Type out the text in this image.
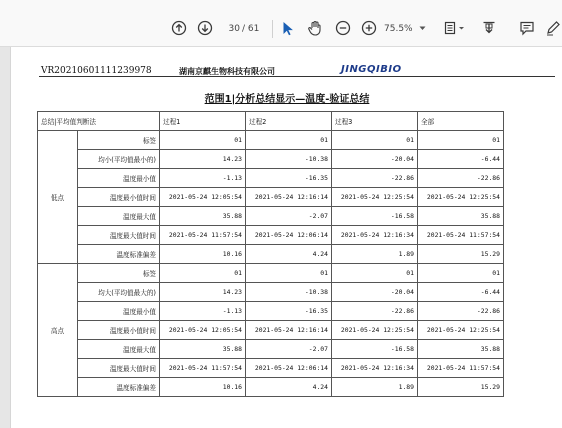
30 / 61	75.5%
VR20210601111239978	湖南京麒生物科技有限公司	JINGQIBIO
范围1|分析总结显示—温度-验证总结
总结|平均值判断法		过程1	过程2	过程3	全部
低点	标签	01	01	01	01
	均小(平均值最小的)	14.23	-10.38	-20.04	-6.44
	温度最小值	-1.13	-16.35	-22.86	-22.86
	温度最小值时间	2021-05-24 12:05:54	2021-05-24 12:16:14	2021-05-24 12:25:54	2021-05-24 12:25:54
	温度最大值	35.88	-2.07	-16.58	35.88
	温度最大值时间	2021-05-24 11:57:54	2021-05-24 12:06:14	2021-05-24 12:16:34	2021-05-24 11:57:54
	温度标准偏差	10.16	4.24	1.89	15.29
高点	标签	01	01	01	01
	均大(平均值最大的)	14.23	-10.38	-20.04	-6.44
	温度最小值	-1.13	-16.35	-22.86	-22.86
	温度最小值时间	2021-05-24 12:05:54	2021-05-24 12:16:14	2021-05-24 12:25:54	2021-05-24 12:25:54
	温度最大值	35.88	-2.07	-16.58	35.88
	温度最大值时间	2021-05-24 11:57:54	2021-05-24 12:06:14	2021-05-24 12:16:34	2021-05-24 11:57:54
	温度标准偏差	10.16	4.24	1.89	15.29
